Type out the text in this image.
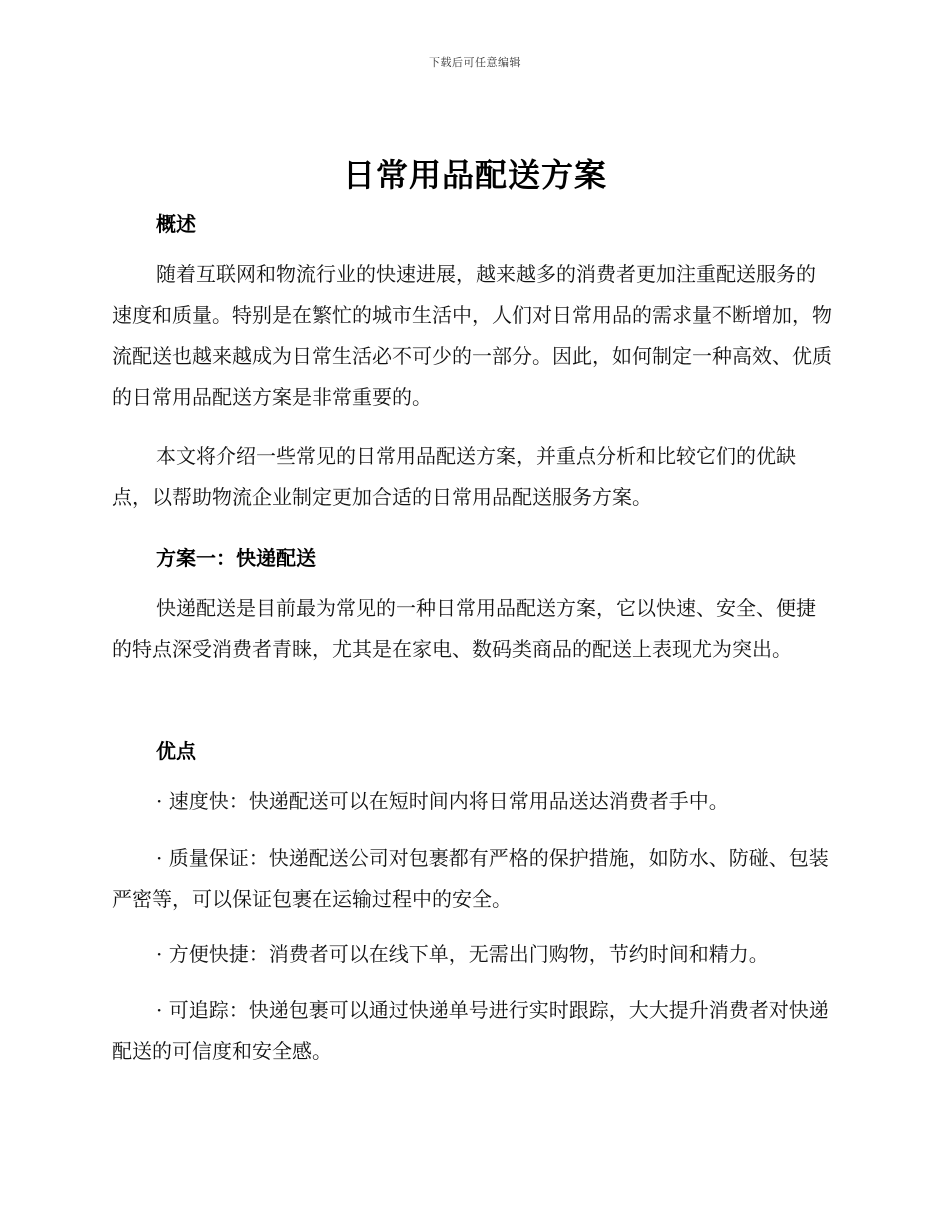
下载后可任意编辑
日常用品配送方案
概述

随着互联网和物流行业的快速进展，越来越多的消费者更加注重配送服务的速度和质量。特别是在繁忙的城市生活中，人们对日常用品的需求量不断增加，物流配送也越来越成为日常生活必不可少的一部分。因此，如何制定一种高效、优质的日常用品配送方案是非常重要的。

本文将介绍一些常见的日常用品配送方案，并重点分析和比较它们的优缺点，以帮助物流企业制定更加合适的日常用品配送服务方案。

方案一：快递配送

快递配送是目前最为常见的一种日常用品配送方案，它以快速、安全、便捷的特点深受消费者青睐，尤其是在家电、数码类商品的配送上表现尤为突出。

优点

· 速度快：快递配送可以在短时间内将日常用品送达消费者手中。

· 质量保证：快递配送公司对包裹都有严格的保护措施，如防水、防碰、包装严密等，可以保证包裹在运输过程中的安全。

· 方便快捷：消费者可以在线下单，无需出门购物，节约时间和精力。

· 可追踪：快递包裹可以通过快递单号进行实时跟踪，大大提升消费者对快递配送的可信度和安全感。
